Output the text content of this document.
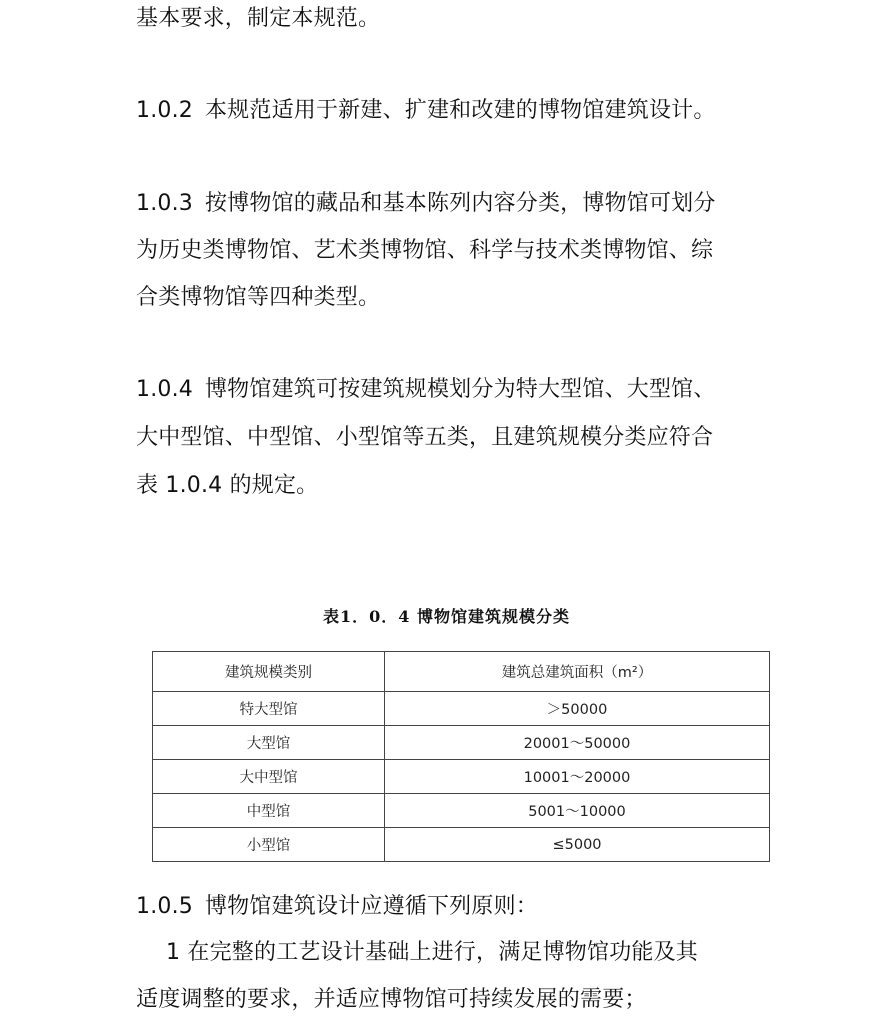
基本要求，制定本规范。
1.0.2 本规范适用于新建、扩建和改建的博物馆建筑设计。
1.0.3 按博物馆的藏品和基本陈列内容分类，博物馆可划分
为历史类博物馆、艺术类博物馆、科学与技术类博物馆、综
合类博物馆等四种类型。
1.0.4 博物馆建筑可按建筑规模划分为特大型馆、大型馆、
大中型馆、中型馆、小型馆等五类，且建筑规模分类应符合
表 1.0.4 的规定。
表1．0．4 博物馆建筑规模分类
建筑规模类别	建筑总建筑面积（m²）
特大型馆	＞50000
大型馆	20001～50000
大中型馆	10001～20000
中型馆	5001～10000
小型馆	≤5000
1.0.5 博物馆建筑设计应遵循下列原则：
1 在完整的工艺设计基础上进行，满足博物馆功能及其
适度调整的要求，并适应博物馆可持续发展的需要；
